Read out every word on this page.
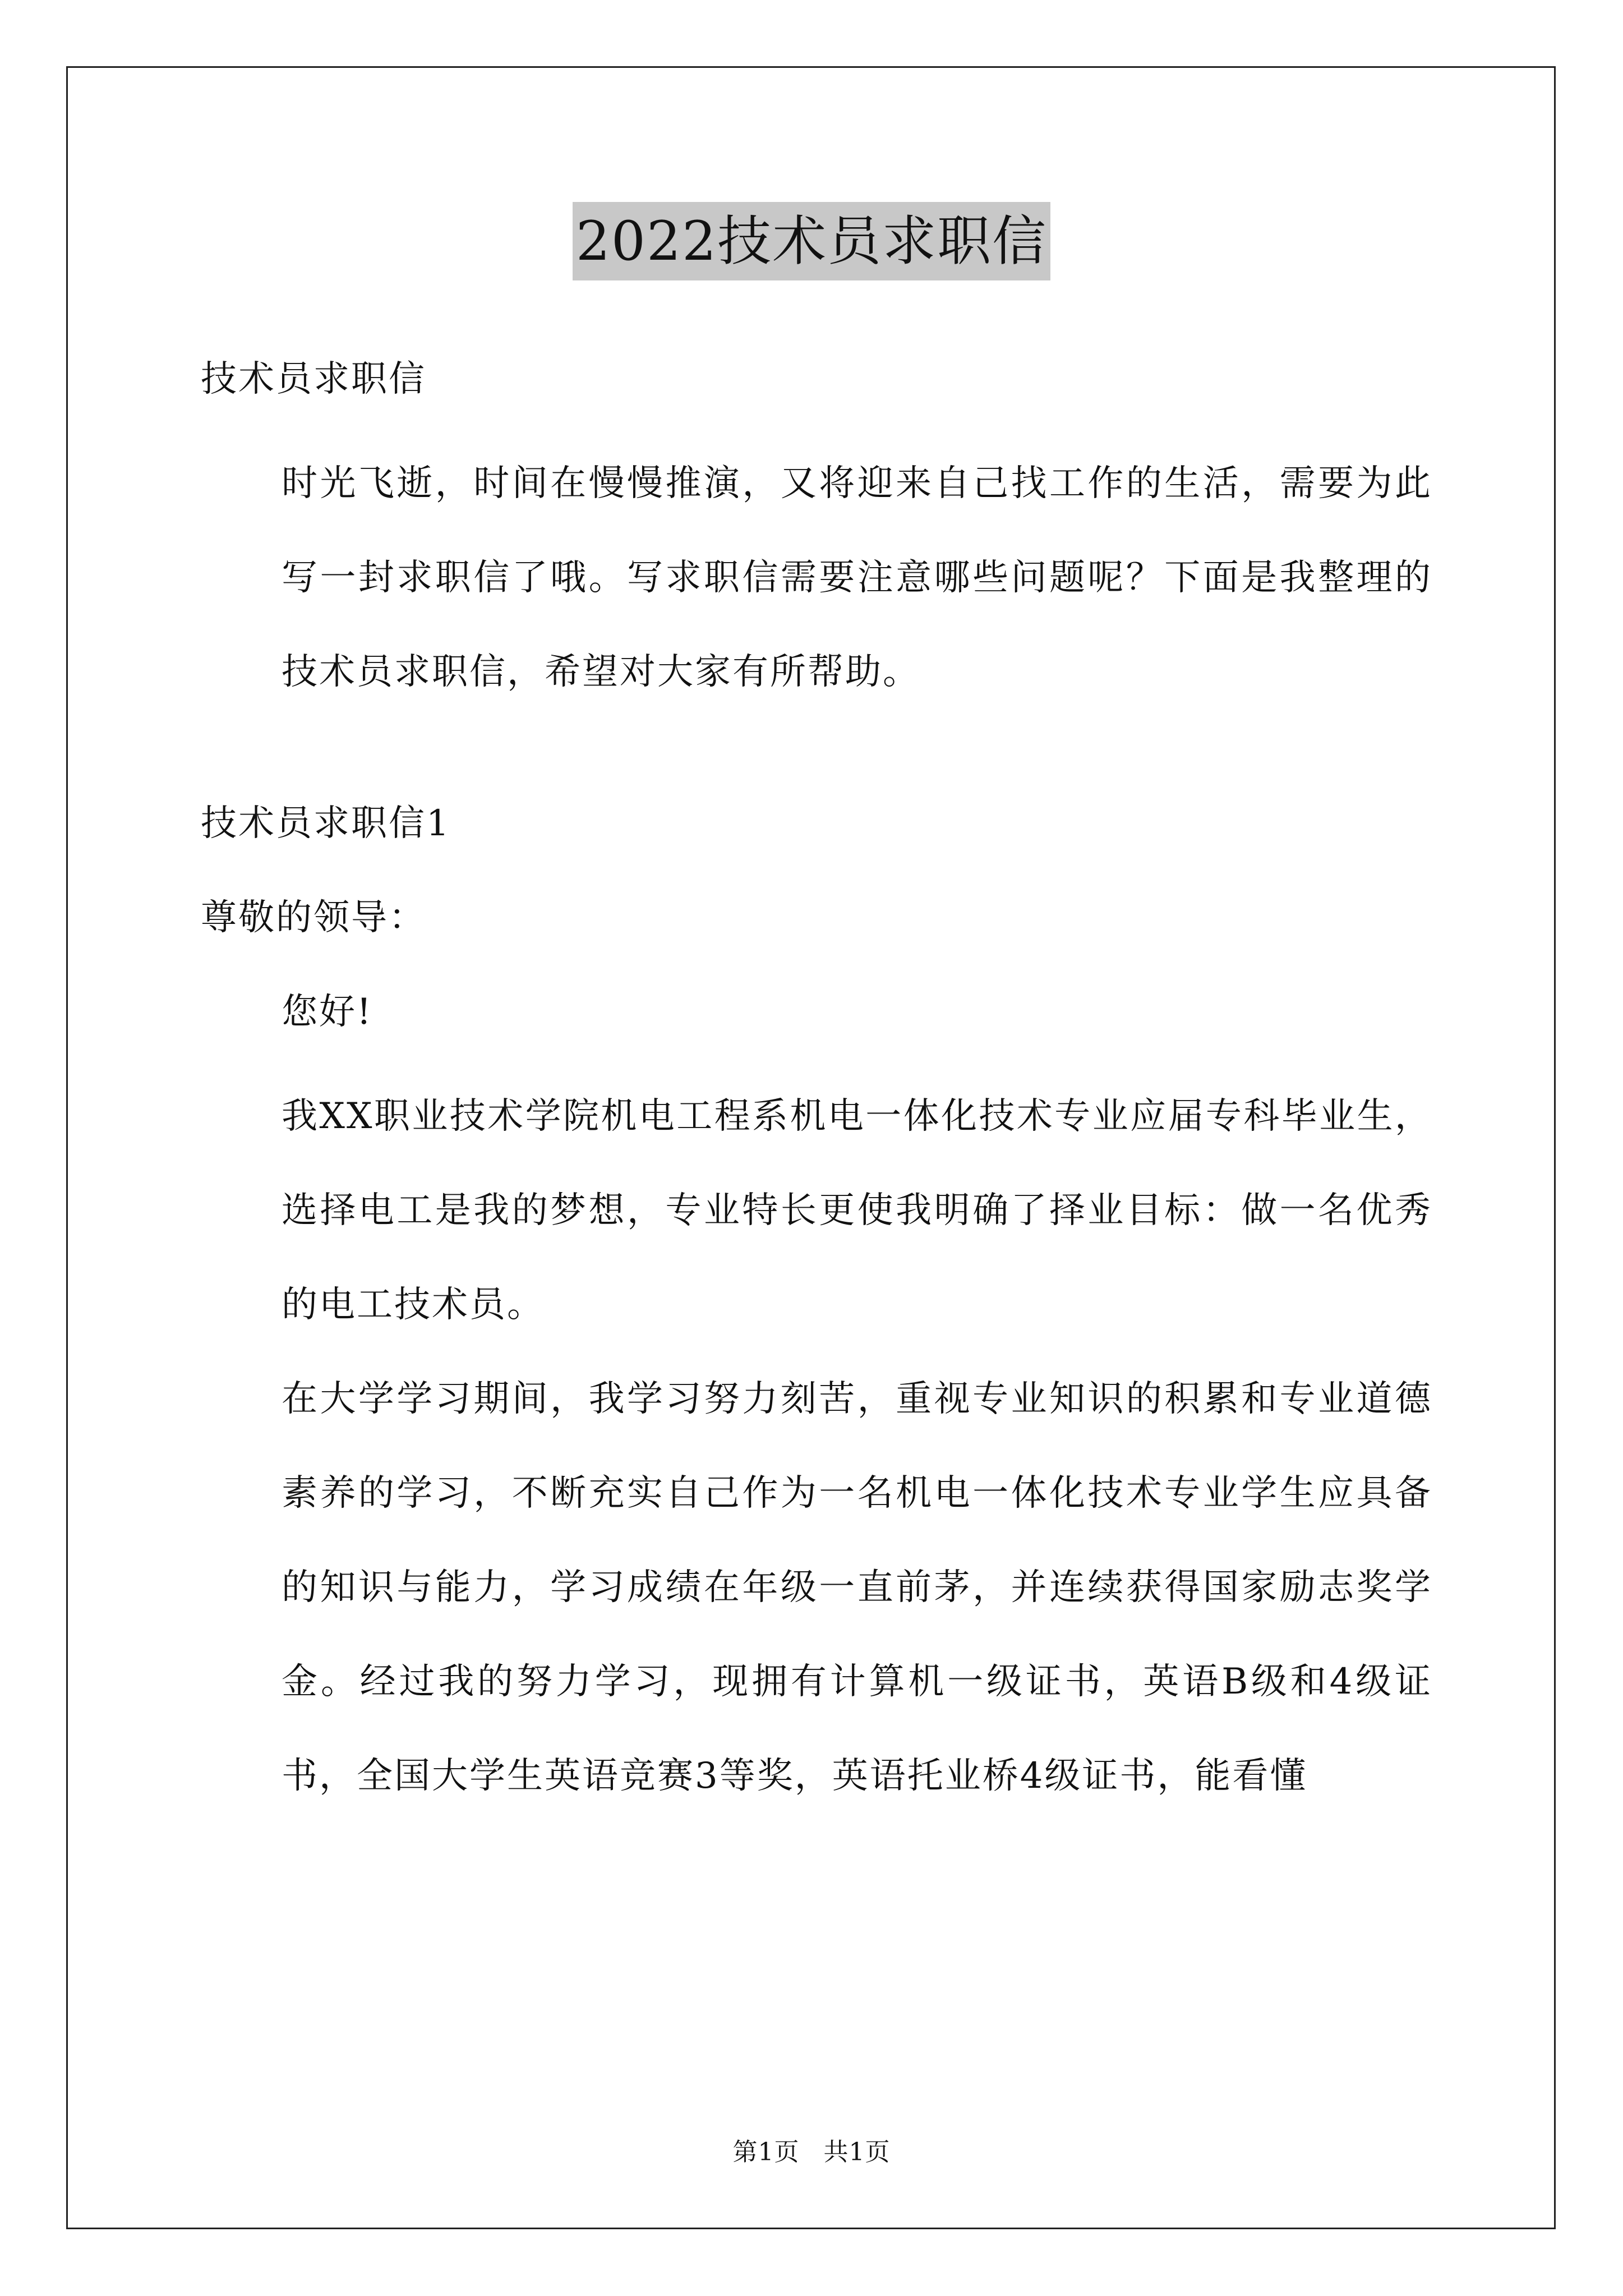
2022技术员求职信
技术员求职信
时光飞逝，时间在慢慢推演，又将迎来自己找工作的生活，需要为此写一封求职信了哦。写求职信需要注意哪些问题呢？下面是我整理的技术员求职信，希望对大家有所帮助。
技术员求职信1
尊敬的领导：
您好!
我XX职业技术学院机电工程系机电一体化技术专业应届专科毕业生，选择电工是我的梦想，专业特长更使我明确了择业目标：做一名优秀的电工技术员。
在大学学习期间，我学习努力刻苦，重视专业知识的积累和专业道德素养的学习，不断充实自己作为一名机电一体化技术专业学生应具备的知识与能力，学习成绩在年级一直前茅，并连续获得国家励志奖学金。经过我的努力学习，现拥有计算机一级证书，英语B级和4级证书，全国大学生英语竞赛3等奖，英语托业桥4级证书，能看懂
第1页 共1页
